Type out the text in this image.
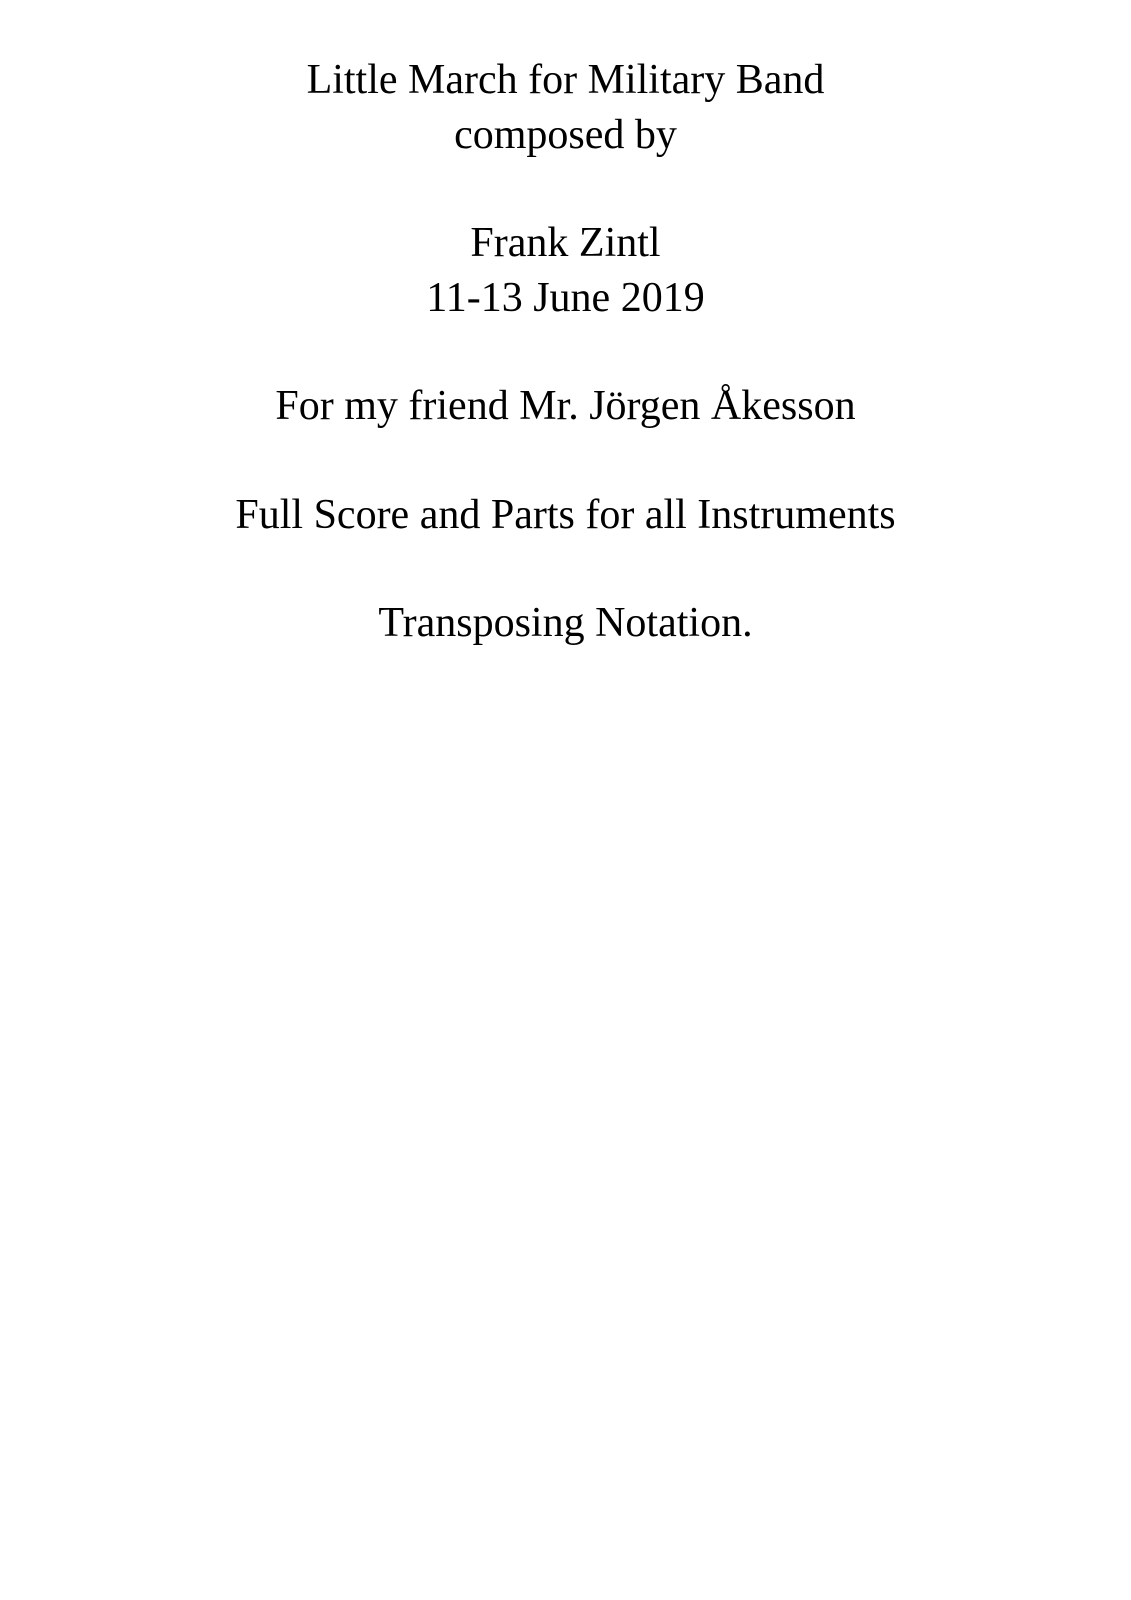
Little March for Military Band
composed by
Frank Zintl
11-13 June 2019
For my friend Mr. Jörgen Åkesson
Full Score and Parts for all Instruments
Transposing Notation.
